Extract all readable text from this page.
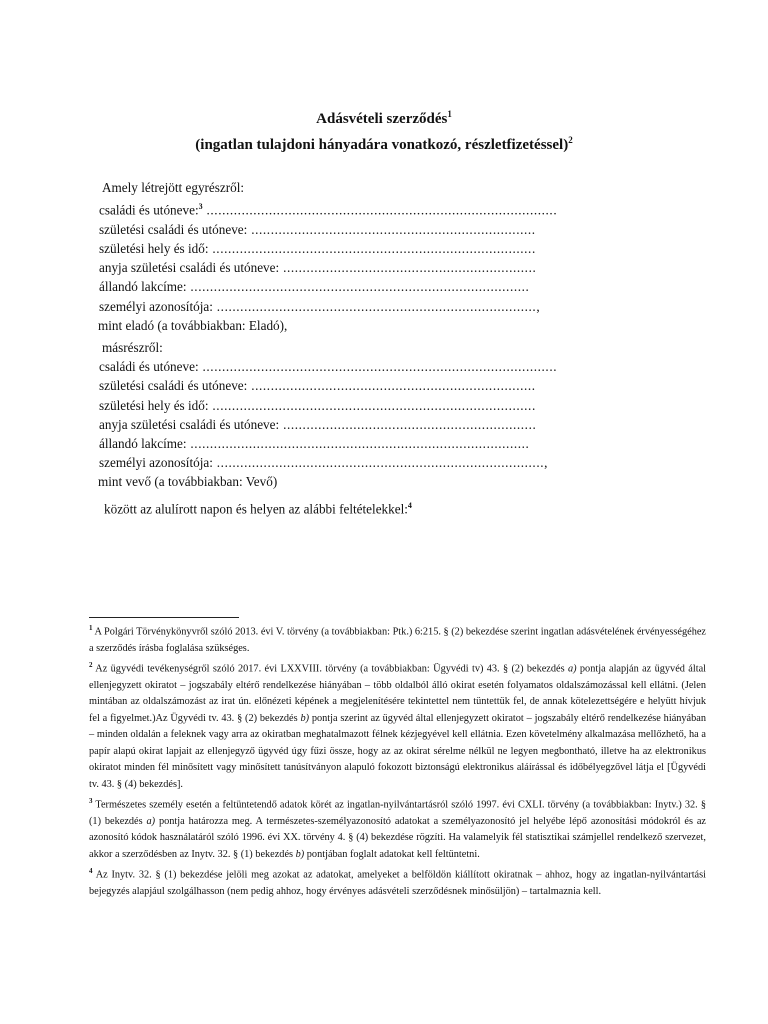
Adásvételi szerződés$^1$
(ingatlan tulajdoni hányadára vonatkozó, részletfizetéssel)$^2$
Amely létrejött egyrészről:
családi és utóneve:$^3$ ..........................................................................................
születési családi és utóneve: .........................................................................
születési hely és idő: ...................................................................................
anyja születési családi és utóneve: .................................................................
állandó lakcíme: .......................................................................................
személyi azonosítója: ..................................................................................,
mint eladó (a továbbiakban: Eladó),
másrészről:
családi és utóneve: ...........................................................................................
születési családi és utóneve: .........................................................................
születési hely és idő: ...................................................................................
anyja születési családi és utóneve: .................................................................
állandó lakcíme: .......................................................................................
személyi azonosítója: ....................................................................................,
mint vevő (a továbbiakban: Vevő)
között az alulírott napon és helyen az alábbi feltételekkel:$^4$

$^1$ A Polgári Törvénykönyvről szóló 2013. évi V. törvény (a továbbiakban: Ptk.) 6:215. § (2) bekezdése szerint ingatlan adásvételének érvényességéhez a szerződés írásba foglalása szükséges.

$^2$ Az ügyvédi tevékenységről szóló 2017. évi LXXVIII. törvény (a továbbiakban: Ügyvédi tv) 43. § (2) bekezdés a) pontja alapján az ügyvéd által ellenjegyzett okiratot – jogszabály eltérő rendelkezése hiányában – több oldalból álló okirat esetén folyamatos oldalszámozással kell ellátni. (Jelen mintában az oldalszámozást az irat ún. előnézeti képének a megjelenítésére tekintettel nem tüntettük fel, de annak kötelezettségére e helyütt hívjuk fel a figyelmet.)Az Ügyvédi tv. 43. § (2) bekezdés b) pontja szerint az ügyvéd által ellenjegyzett okiratot – jogszabály eltérő rendelkezése hiányában – minden oldalán a feleknek vagy arra az okiratban meghatalmazott félnek kézjegyével kell ellátnia. Ezen követelmény alkalmazása mellőzhető, ha a papír alapú okirat lapjait az ellenjegyző ügyvéd úgy fűzi össze, hogy az az okirat sérelme nélkül ne legyen megbontható, illetve ha az elektronikus okiratot minden fél minősített vagy minősített tanúsítványon alapuló fokozott biztonságú elektronikus aláírással és időbélyegzővel látja el [Ügyvédi tv. 43. § (4) bekezdés].

$^3$ Természetes személy esetén a feltüntetendő adatok körét az ingatlan-nyilvántartásról szóló 1997. évi CXLI. törvény (a továbbiakban: Inytv.) 32. § (1) bekezdés a) pontja határozza meg. A természetes-személyazonosító adatokat a személyazonosító jel helyébe lépő azonosítási módokról és az azonosító kódok használatáról szóló 1996. évi XX. törvény 4. § (4) bekezdése rögzíti. Ha valamelyik fél statisztikai számjellel rendelkező szervezet, akkor a szerződésben az Inytv. 32. § (1) bekezdés b) pontjában foglalt adatokat kell feltüntetni.

$^4$ Az Inytv. 32. § (1) bekezdése jelöli meg azokat az adatokat, amelyeket a belföldön kiállított okiratnak – ahhoz, hogy az ingatlan-nyilvántartási bejegyzés alapjául szolgálhasson (nem pedig ahhoz, hogy érvényes adásvételi szerződésnek minősüljön) – tartalmaznia kell.
